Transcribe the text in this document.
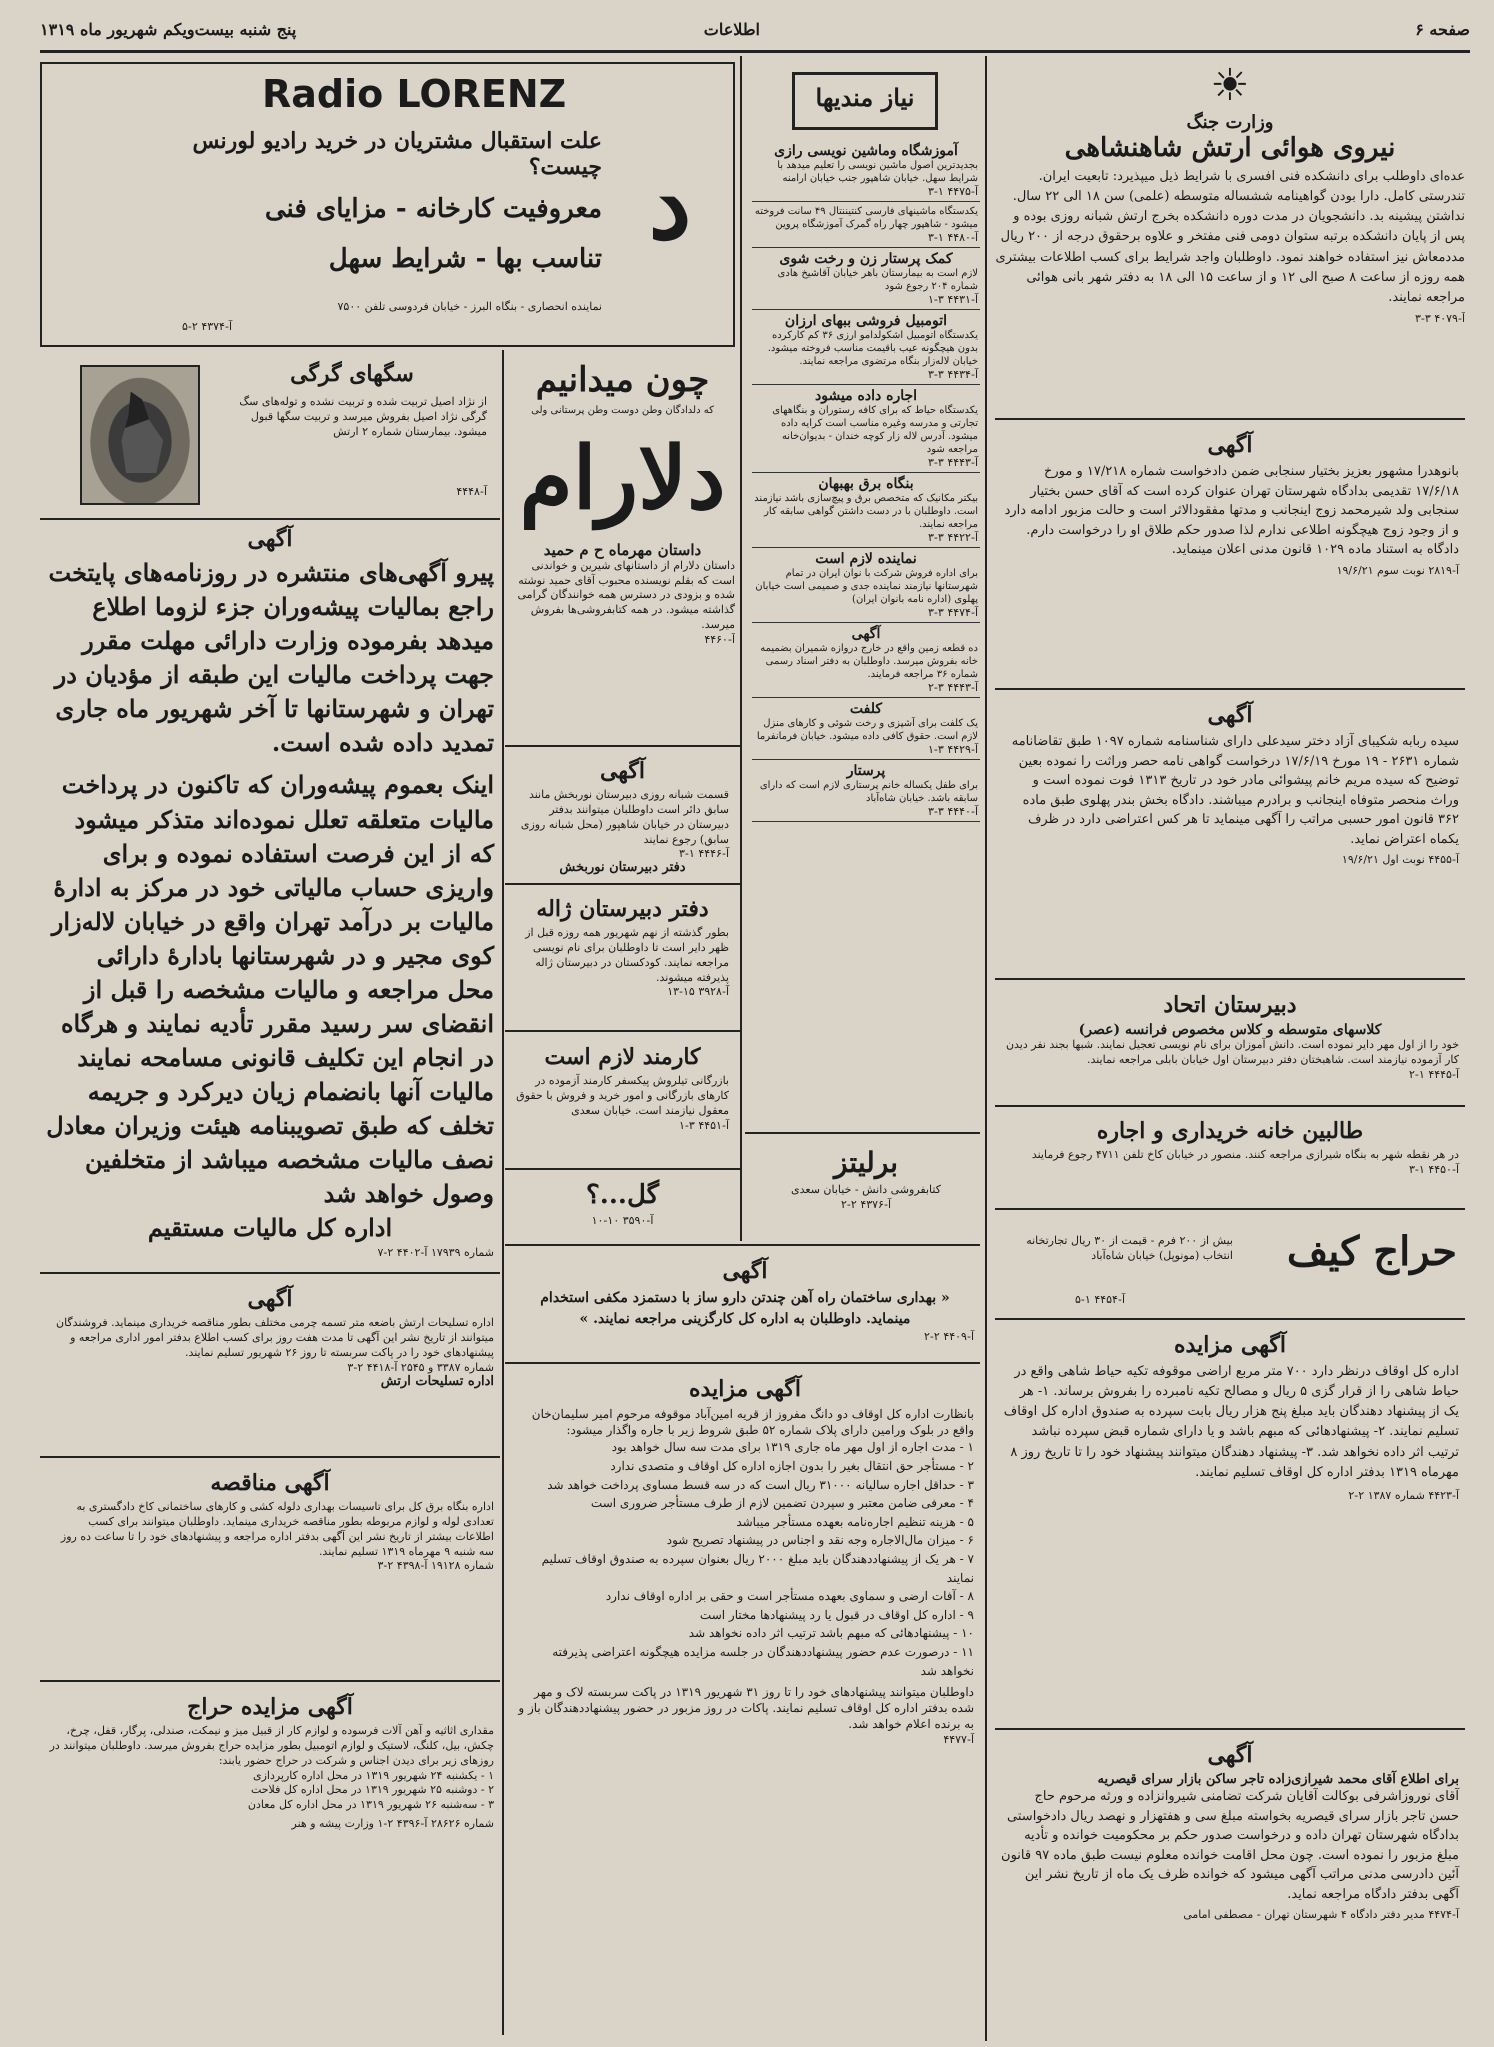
صفحه ۶
اطلاعات
پنج شنبه بیست‌ویکم شهریور ماه ۱۳۱۹
☀
وزارت جنگ
نیروی هوائی ارتش شاهنشاهی
عده‌ای داوطلب برای دانشکده فنی افسری با شرایط ذیل میپذیرد: تابعیت ایران. تندرستی کامل. دارا بودن گواهینامه ششساله متوسطه (علمی) سن ۱۸ الی ۲۲ سال. نداشتن پیشینه بد. دانشجویان در مدت دوره دانشکده بخرج ارتش شبانه روزی بوده و پس از پایان دانشکده برتبه ستوان دومی فنی مفتخر و علاوه برحقوق درجه از ۲۰۰ ریال مددمعاش نیز استفاده خواهند نمود. داوطلبان واجد شرایط برای کسب اطلاعات بیشتری همه روزه از ساعت ۸ صبح الی ۱۲ و از ساعت ۱۵ الی ۱۸ به دفتر شهر بانی هوائی مراجعه نمایند.
آ-۴۰۷۹ ۳-۳
آگهی
بانوهدرا مشهور بعزیز بختیار سنجابی ضمن دادخواست شماره ۱۷/۲۱۸ و مورخ ۱۷/۶/۱۸ تقدیمی بدادگاه شهرستان تهران عنوان کرده است که آقای حسن بختیار سنجابی ولد شیرمحمد زوج اینجانب و مدتها مفقودالاثر است و حالت مزبور ادامه دارد و از وجود زوج هیچگونه اطلاعی ندارم لذا صدور حکم طلاق او را درخواست دارم. دادگاه به استناد ماده ۱۰۲۹ قانون مدنی اعلان مینماید.
آ-۲۸۱۹ نوبت سوم ۱۹/۶/۲۱
آگهی
سیده ربابه شکیبای آزاد دختر سیدعلی دارای شناسنامه شماره ۱۰۹۷ طبق تقاضانامه شماره ۲۶۳۱ - ۱۹ مورخ ۱۷/۶/۱۹ درخواست گواهی نامه حصر وراثت را نموده بعین توضیح که سیده مریم خانم پیشوائی مادر خود در تاریخ ۱۳۱۳ فوت نموده است و وراث منحصر متوفاه اینجانب و برادرم میباشند. دادگاه بخش بندر پهلوی طبق ماده ۳۶۲ قانون امور حسبی مراتب را آگهی مینماید تا هر کس اعتراضی دارد در ظرف یکماه اعتراض نماید.
آ-۴۴۵۵ نوبت اول ۱۹/۶/۲۱
دبیرستان اتحاد
کلاسهای متوسطه و کلاس مخصوص فرانسه (عصر)
خود را از اول مهر دایر نموده است. دانش آموزان برای نام نویسی تعجیل نمایند. شبها بجند نفر دیدن کار آزموده نیازمند است. شاهبختان دفتر دبیرستان اول خیابان بابلی مراجعه نمایند.
آ-۴۴۴۵ ۱-۲
طالبین خانه خریداری و اجاره
در هر نقطه شهر به بنگاه شیرازی مراجعه کنند. منصور در خیابان کاخ تلفن ۴۷۱۱ رجوع فرمایند
آ-۴۴۵۰ ۱-۳
حراج کیف
بیش از ۲۰۰ فرم - قیمت از ۳۰ ریال تجارتخانه انتخاب (مونوپل) خیابان شاه‌آباد
آ-۴۴۵۴ ۱-۵
آگهی مزایده
اداره کل اوقاف درنظر دارد ۷۰۰ متر مربع اراضی موقوفه تکیه حیاط شاهی واقع در حیاط شاهی را از قرار گزی ۵ ریال و مصالح تکیه نامبرده را بفروش برساند. ۱- هر یک از پیشنهاد دهندگان باید مبلغ پنج هزار ریال بابت سپرده به صندوق اداره کل اوقاف تسلیم نمایند. ۲- پیشنهادهائی که مبهم باشد و یا دارای شماره قبض سپرده نباشد ترتیب اثر داده نخواهد شد. ۳- پیشنهاد دهندگان میتوانند پیشنهاد خود را تا تاریخ روز ۸ مهرماه ۱۳۱۹ بدفتر اداره کل اوقاف تسلیم نمایند.
آ-۴۴۲۳ شماره ۱۳۸۷ ۲-۲
آگهی
برای اطلاع آقای محمد شیرازی‌زاده تاجر ساکن بازار سرای قیصریه
آقای نوروزاشرفی بوکالت آقایان شرکت تضامنی شیروانزاده و ورثه مرحوم حاج حسن تاجر بازار سرای قیصریه بخواسته مبلغ سی و هفتهزار و نهصد ریال دادخواستی بدادگاه شهرستان تهران داده و درخواست صدور حکم بر محکومیت خوانده و تأدیه مبلغ مزبور را نموده است. چون محل اقامت خوانده معلوم نیست طبق ماده ۹۷ قانون آئین دادرسی مدنی مراتب آگهی میشود که خوانده ظرف یک ماه از تاریخ نشر این آگهی بدفتر دادگاه مراجعه نماید.
آ-۴۴۷۴ مدیر دفتر دادگاه ۴ شهرستان تهران - مصطفی امامی
نیاز مندیها
آموزشگاه وماشین نویسی رازی
بجدیدترین اصول ماشین نویسی را تعلیم میدهد با شرایط سهل. خیابان شاهپور جنب خیابان ارامنه
آ-۴۴۷۵ ۱-۳
یکدستگاه ماشینهای فارسی کنتیننتال ۴۹ سانت فروخته میشود - شاهپور چهار راه گمرک آموزشگاه پروین
آ-۴۴۸۰ ۱-۳
کمک پرستار زن و رخت شوی
لازم است به بیمارستان باهر خیابان آقاشیخ هادی شماره ۲۰۴ رجوع شود
آ-۴۴۳۱ ۳-۱
اتومبیل فروشی ببهای ارزان
یکدستگاه اتومبیل اشکولدامو ارزی ۳۶ کم کارکرده بدون هیچگونه عیب باقیمت مناسب فروخته میشود. خیابان لاله‌زار بنگاه مرتضوی مراجعه نمایند.
آ-۴۴۳۴ ۳-۳
اجاره داده میشود
یکدستگاه حیاط که برای کافه رستوران و بنگاههای تجارتی و مدرسه وغیره مناسب است کرایه داده میشود. آدرس لاله زار کوچه خندان - بدیوان‌خانه مراجعه شود
آ-۴۴۴۳ ۳-۳
بنگاه برق بهبهان
بیکتر مکانیک که متخصص برق و پیچ‌سازی باشد نیازمند است. داوطلبان با در دست داشتن گواهی سابقه کار مراجعه نمایند.
آ-۴۴۲۲ ۳-۳
نماینده لازم است
برای اداره فروش شرکت با نوان ایران در تمام شهرستانها نیازمند نماینده جدی و صمیمی است خیابان پهلوی (اداره نامه بانوان ایران)
آ-۴۴۷۴ ۳-۳
آگهی
ده قطعه زمین واقع در خارج دروازه شمیران بضمیمه خانه بفروش میرسد. داوطلبان به دفتر اسناد رسمی شماره ۳۶ مراجعه فرمایند.
آ-۴۴۴۳ ۳-۲
کلفت
یک کلفت برای آشپزی و رخت شوئی و کارهای منزل لازم است. حقوق کافی داده میشود. خیابان فرمانفرما
آ-۴۴۲۹ ۳-۱
پرستار
برای طفل یکساله خانم پرستاری لازم است که دارای سابقه باشد. خیابان شاه‌آباد
آ-۴۴۴۰ ۳-۳
برلیتز
کتابفروشی دانش - خیابان سعدی
آ-۴۳۷۶ ۲-۲
چون میدانیم
که دلدادگان وطن دوست وطن پرستانی ولی
دلارام
داستان مهرماه ح م حمید
داستان دلارام از داستانهای شیرین و خواندنی است که بقلم نویسنده محبوب آقای حمید نوشته شده و بزودی در دسترس همه خوانندگان گرامی گذاشته میشود. در همه کتابفروشی‌ها بفروش میرسد.
آ-۴۴۶۰
آگهی
قسمت شبانه روزی دبیرستان نوربخش مانند سابق دائر است داوطلبان میتوانند بدفتر دبیرستان در خیابان شاهپور (محل شبانه روزی سابق) رجوع نمایند
آ-۴۴۴۶ ۱-۳
دفتر دبیرستان نوربخش
دفتر دبیرستان ژاله
بطور گذشته از نهم شهریور همه روزه قبل از ظهر دایر است تا داوطلبان برای نام نویسی مراجعه نمایند. کودکستان در دبیرستان ژاله پذیرفته میشوند.
آ-۳۹۲۸ ۱۵-۱۳
کارمند لازم است
بازرگانی تیلروش پیکسفر کارمند آزموده در کارهای بازرگانی و امور خرید و فروش با حقوق معقول نیازمند است. خیابان سعدی
آ-۴۴۵۱ ۳-۱
گل...؟
آ-۳۵۹۰ ۱۰-۱۰
آگهی
« بهداری ساختمان راه آهن چندتن دارو ساز با دستمزد مکفی استخدام مینماید. داوطلبان به اداره کل کارگزینی مراجعه نمایند. »
آ-۴۴۰۹ ۲-۲
آگهی مزایده
بانظارت اداره کل اوقاف دو دانگ مفروز از قریه امین‌آباد موقوفه مرحوم امیر سلیمان‌خان واقع در بلوک ورامین دارای پلاک شماره ۵۲ طبق شروط زیر با جاره واگذار میشود:
۱ - مدت اجاره از اول مهر ماه جاری ۱۳۱۹ برای مدت سه سال خواهد بود
۲ - مستأجر حق انتقال بغیر را بدون اجازه اداره کل اوقاف و متصدی ندارد
۳ - حداقل اجاره سالیانه ۳۱۰۰۰ ریال است که در سه قسط مساوی پرداخت خواهد شد
۴ - معرفی ضامن معتبر و سپردن تضمین لازم از طرف مستأجر ضروری است
۵ - هزینه تنظیم اجاره‌نامه بعهده مستأجر میباشد
۶ - میزان مال‌الاجاره وجه نقد و اجناس در پیشنهاد تصریح شود
۷ - هر یک از پیشنهاددهندگان باید مبلغ ۲۰۰۰ ریال بعنوان سپرده به صندوق اوقاف تسلیم نمایند
۸ - آفات ارضی و سماوی بعهده مستأجر است و حقی بر اداره اوقاف ندارد
۹ - اداره کل اوقاف در قبول یا رد پیشنهادها مختار است
۱۰ - پیشنهادهائی که مبهم باشد ترتیب اثر داده نخواهد شد
۱۱ - درصورت عدم حضور پیشنهاددهندگان در جلسه مزایده هیچگونه اعتراضی پذیرفته نخواهد شد
داوطلبان میتوانند پیشنهادهای خود را تا روز ۳۱ شهریور ۱۳۱۹ در پاکت سربسته لاک و مهر شده بدفتر اداره کل اوقاف تسلیم نمایند. پاکات در روز مزبور در حضور پیشنهاددهندگان باز و به برنده اعلام خواهد شد.
آ-۴۴۷۷
Radio LORENZ
علت استقبال مشتریان در خرید رادیو لورنس چیست؟
معروفیت کارخانه - مزایای فنی
تناسب بها - شرایط سهل
نماینده انحصاری - بنگاه البرز - خیابان فردوسی تلفن ۷۵۰۰
آ-۴۳۷۴ ۲-۵
د
سگهای گرگی
از نژاد اصیل تربیت شده و تربیت نشده و توله‌های سگ گرگی نژاد اصیل بفروش میرسد و تربیت سگها قبول میشود. بیمارستان شماره ۲ ارتش
آ-۴۴۴۸
آگهی
پیرو آگهی‌های منتشره در روزنامه‌های پایتخت راجع بمالیات پیشه‌وران جزء لزوما اطلاع میدهد بفرموده وزارت دارائی مهلت مقرر جهت پرداخت مالیات این طبقه از مؤدیان در تهران و شهرستانها تا آخر شهریور ماه جاری تمدید داده شده است.
اینک بعموم پیشه‌وران که تاکنون در پرداخت مالیات متعلقه تعلل نموده‌اند متذکر میشود که از این فرصت استفاده نموده و برای واریزی حساب مالیاتی خود در مرکز به ادارهٔ مالیات بر درآمد تهران واقع در خیابان لاله‌زار کوی مجیر و در شهرستانها بادارهٔ دارائی محل مراجعه و مالیات مشخصه را قبل از انقضای سر رسید مقرر تأدیه نمایند و هرگاه در انجام این تکلیف قانونی مسامحه نمایند مالیات آنها بانضمام زیان دیرکرد و جریمه تخلف که طبق تصویبنامه هیئت وزیران معادل نصف مالیات مشخصه میباشد از متخلفین وصول خواهد شد
اداره کل مالیات مستقیم
شماره ۱۷۹۳۹ آ-۴۴۰۲ ۲-۷
آگهی
اداره تسلیحات ارتش باضعه متر تسمه چرمی مختلف بطور مناقصه خریداری مینماید. فروشندگان میتوانند از تاریخ نشر این آگهی تا مدت هفت روز برای کسب اطلاع بدفتر امور اداری مراجعه و پیشنهادهای خود را در پاکت سربسته تا روز ۲۶ شهریور تسلیم نمایند.
شماره ۳۳۸۷ و ۲۵۴۵ آ-۴۴۱۸ ۲-۳
اداره تسلیحات ارتش
آگهی مناقصه
اداره بنگاه برق کل برای تاسیسات بهداری دلوله کشی و کارهای ساختمانی کاخ دادگستری به تعدادی لوله و لوازم مربوطه بطور مناقصه خریداری مینماید. داوطلبان میتوانند برای کسب اطلاعات بیشتر از تاریخ نشر این آگهی بدفتر اداره مراجعه و پیشنهادهای خود را تا ساعت ده روز سه شنبه ۹ مهرماه ۱۳۱۹ تسلیم نمایند.
شماره ۱۹۱۲۸ آ-۴۳۹۸ ۲-۳
آگهی مزایده حراج
مقداری اثاثیه و آهن آلات فرسوده و لوازم کار از قبیل میز و نیمکت، صندلی، پرگار، قفل، چرخ، چکش، بیل، کلنگ، لاستیک و لوازم اتومبیل بطور مزایده حراج بفروش میرسد. داوطلبان میتوانند در روزهای زیر برای دیدن اجناس و شرکت در حراج حضور یابند:
۱ - یکشنبه ۲۴ شهریور ۱۳۱۹ در محل اداره کارپردازی
۲ - دوشنبه ۲۵ شهریور ۱۳۱۹ در محل اداره کل فلاحت
۳ - سه‌شنبه ۲۶ شهریور ۱۳۱۹ در محل اداره کل معادن
شماره ۲۸۶۲۶ آ-۴۳۹۶ ۲-۱ وزارت پیشه و هنر
